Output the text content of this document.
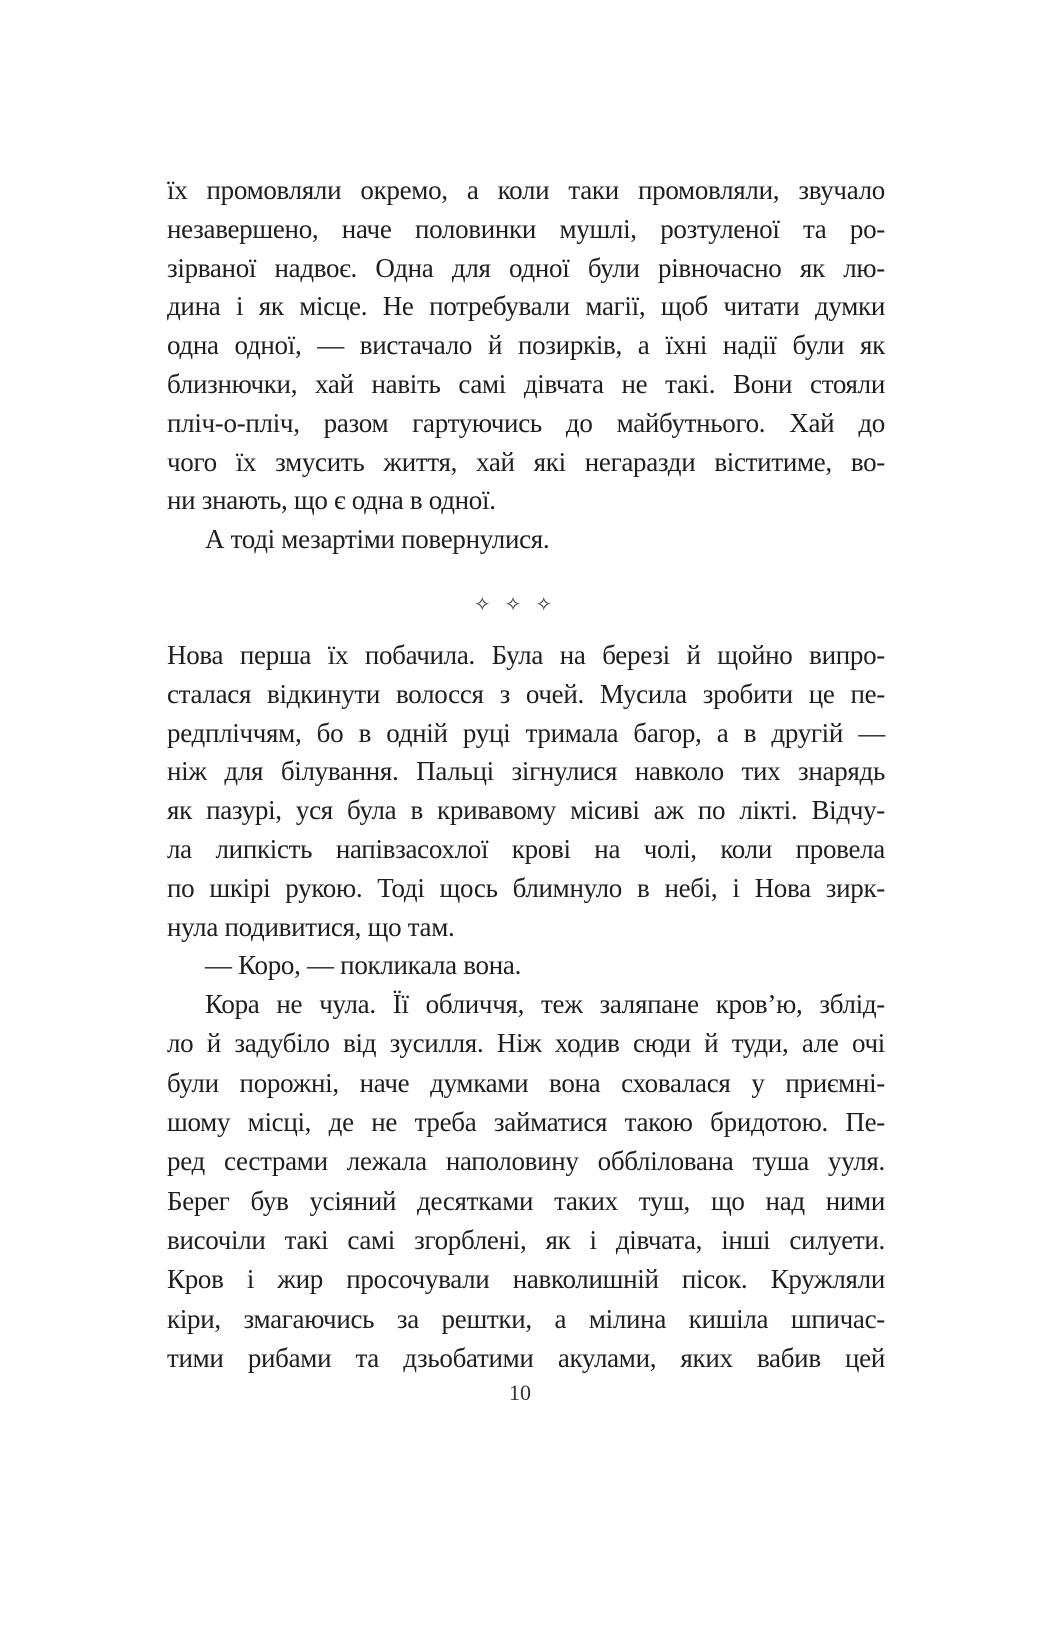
їх промовляли окремо, а коли таки промовляли, звучало
незавершено, наче половинки мушлі, розтуленої та ро-
зірваної надвоє. Одна для одної були рівночасно як лю-
дина і як місце. Не потребували магії, щоб читати думки
одна одної, — вистачало й позирків, а їхні надії були як
близнючки, хай навіть самі дівчата не такі. Вони стояли
пліч-о-пліч, разом гартуючись до майбутнього. Хай до
чого їх змусить життя, хай які негаразди віститиме, во-
ни знають, що є одна в одної.
А тоді мезартіми повернулися.
✧✧✧
Нова перша їх побачила. Була на березі й щойно випро-
сталася відкинути волосся з очей. Мусила зробити це пе-
редпліччям, бо в одній руці тримала багор, а в другій —
ніж для білування. Пальці зігнулися навколо тих знарядь
як пазурі, уся була в кривавому місиві аж по лікті. Відчу-
ла липкість напівзасохлої крові на чолі, коли провела
по шкірі рукою. Тоді щось блимнуло в небі, і Нова зирк-
нула подивитися, що там.
— Коро, — покликала вона.
Кора не чула. Її обличчя, теж заляпане кров’ю, зблід-
ло й задубіло від зусилля. Ніж ходив сюди й туди, але очі
були порожні, наче думками вона сховалася у приємні-
шому місці, де не треба займатися такою бридотою. Пе-
ред сестрами лежала наполовину обблілована туша ууля.
Берег був усіяний десятками таких туш, що над ними
височіли такі самі згорблені, як і дівчата, інші силуети.
Кров і жир просочували навколишній пісок. Кружляли
кіри, змагаючись за рештки, а мілина кишіла шпичас-
тими рибами та дзьобатими акулами, яких вабив цей
10
